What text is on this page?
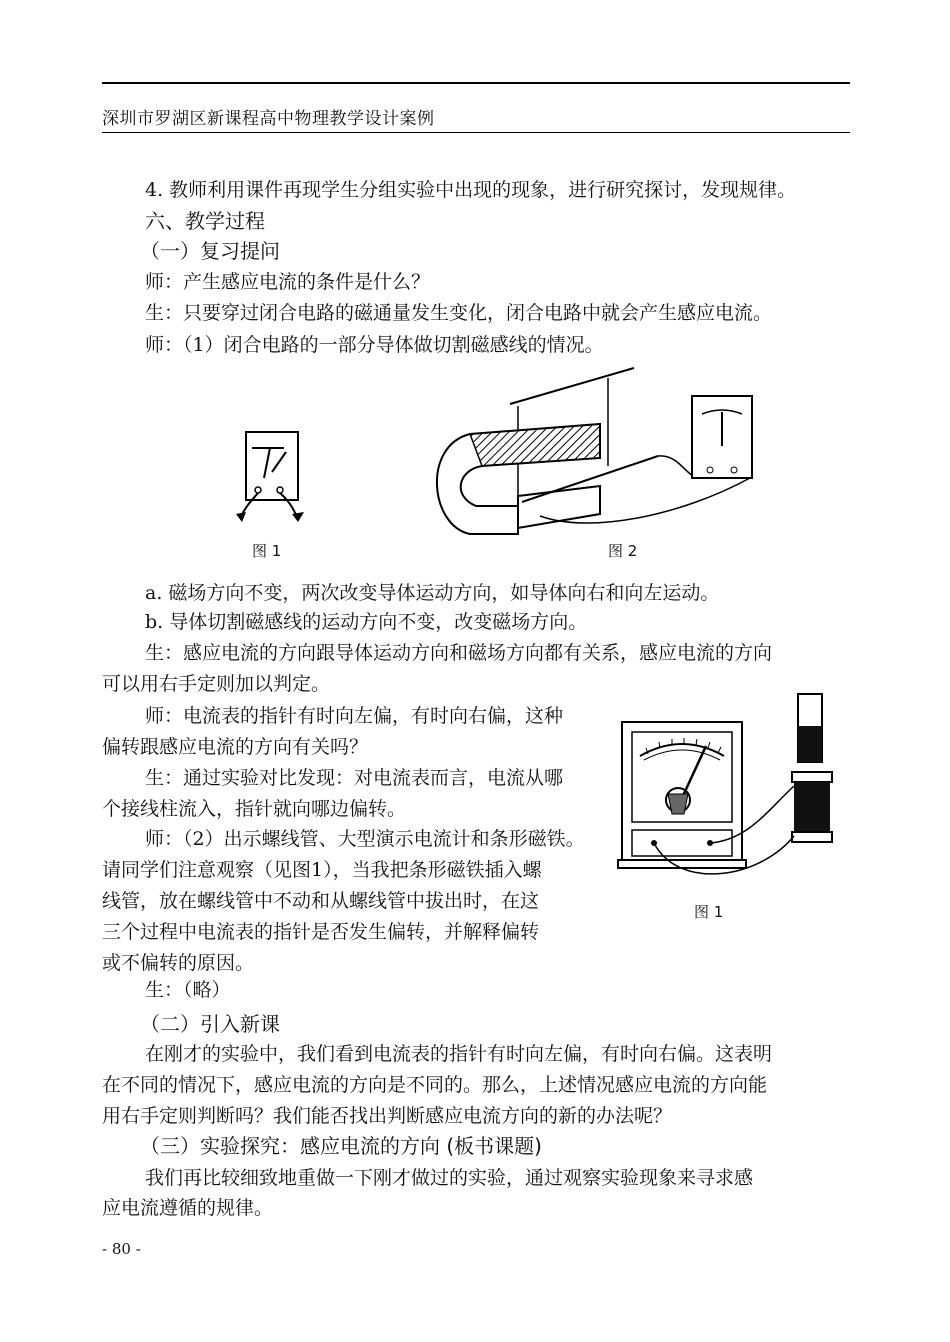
深圳市罗湖区新课程高中物理教学设计案例
4. 教师利用课件再现学生分组实验中出现的现象，进行研究探讨，发现规律。
六、教学过程
（一）复习提问
师：产生感应电流的条件是什么？
生：只要穿过闭合电路的磁通量发生变化，闭合电路中就会产生感应电流。
师：（1）闭合电路的一部分导体做切割磁感线的情况。
图 1	图 2
a. 磁场方向不变，两次改变导体运动方向，如导体向右和向左运动。
b. 导体切割磁感线的运动方向不变，改变磁场方向。
生：感应电流的方向跟导体运动方向和磁场方向都有关系，感应电流的方向
可以用右手定则加以判定。
师：电流表的指针有时向左偏，有时向右偏，这种
偏转跟感应电流的方向有关吗？
生：通过实验对比发现：对电流表而言，电流从哪
个接线柱流入，指针就向哪边偏转。
师：（2）出示螺线管、大型演示电流计和条形磁铁。
请同学们注意观察（见图1），当我把条形磁铁插入螺
线管，放在螺线管中不动和从螺线管中拔出时，在这
三个过程中电流表的指针是否发生偏转，并解释偏转
或不偏转的原因。
图 1
生：（略）
（二）引入新课
在刚才的实验中，我们看到电流表的指针有时向左偏，有时向右偏。这表明
在不同的情况下，感应电流的方向是不同的。那么，上述情况感应电流的方向能
用右手定则判断吗？我们能否找出判断感应电流方向的新的办法呢？
（三）实验探究：感应电流的方向 (板书课题)
我们再比较细致地重做一下刚才做过的实验，通过观察实验现象来寻求感
应电流遵循的规律。
- 80 -
